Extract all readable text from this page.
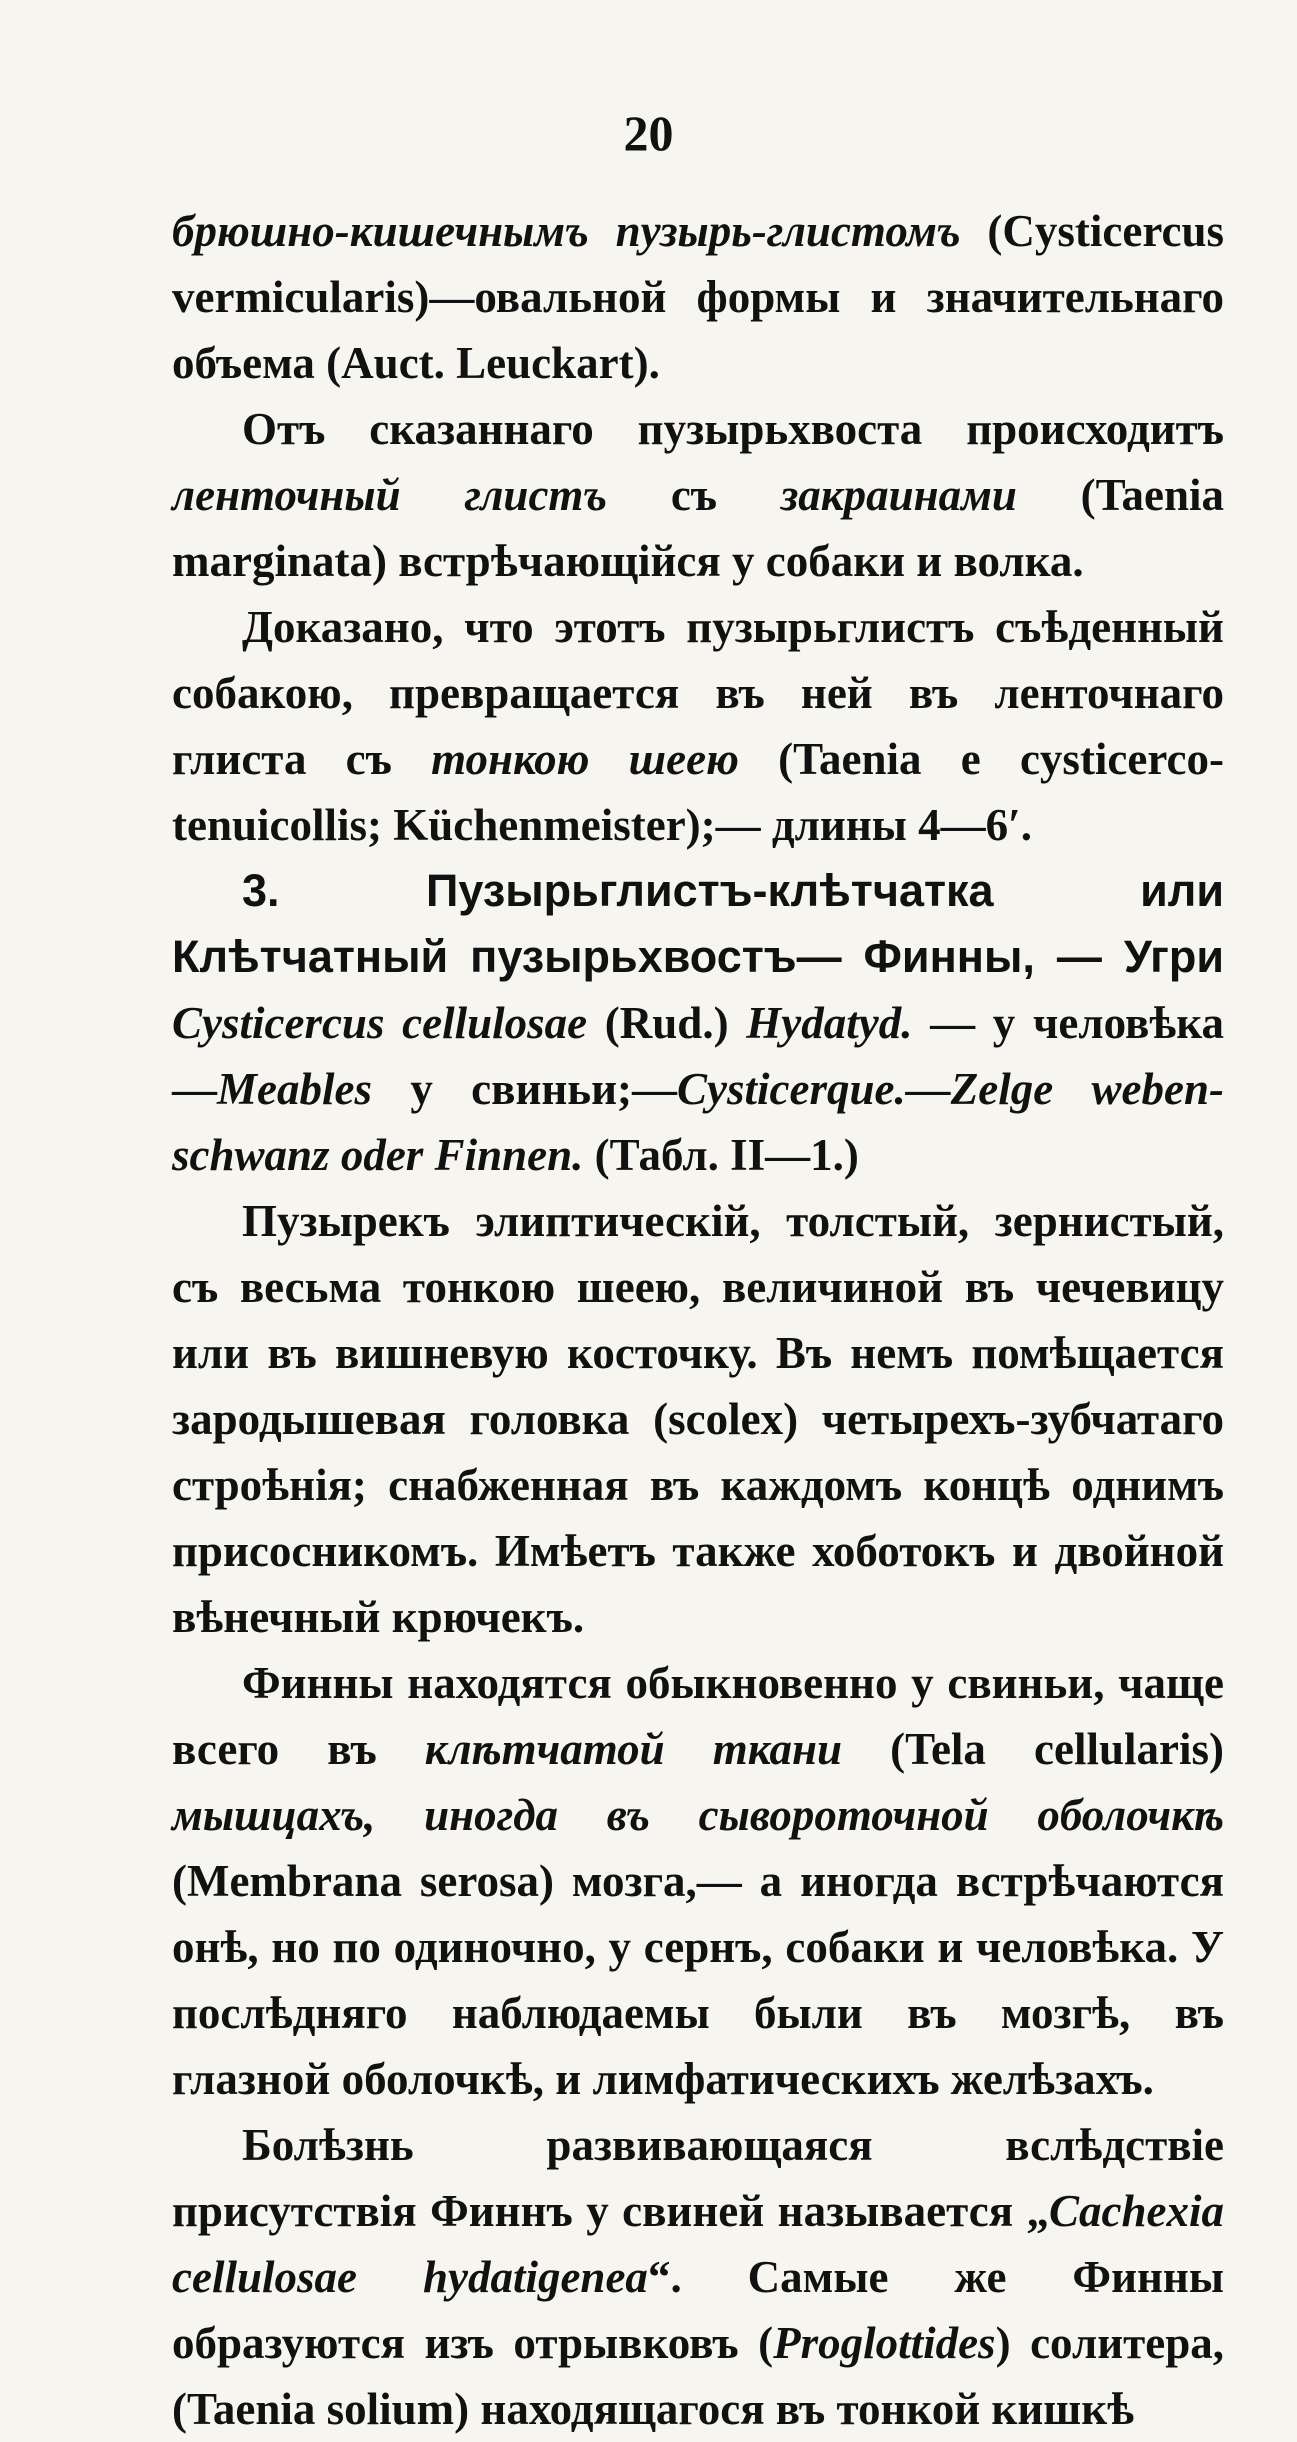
20

брюшно-кишечнымъ пузырь-глистомъ (Cysticercus vermicularis)—овальной формы и значительнаго объема (Auct. Leuckart).

Отъ сказаннаго пузырьхвоста происходитъ ленточный глистъ съ закраинами (Taenia marginata) встрѣчающійся у собаки и волка.

Доказано, что этотъ пузырьглистъ съѣденный собакою, превращается въ ней въ ленточнаго глиста съ тонкою шеею (Taenia e cysticerco-tenuicollis; Küchenmeister);— длины 4—6′.

3. Пузырьглистъ-клѣтчатка или Клѣтчатный пузырьхвостъ— Финны, — Угри Cysticercus cellulosae (Rud.) Hydatyd. — у человѣка—Meables у свиньи;—Cysticerque.—Zelge webenschwanz oder Finnen. (Табл. II—1.)

Пузырекъ элиптическій, толстый, зернистый, съ весьма тонкою шеею, величиной въ чечевицу или въ вишневую косточку. Въ немъ помѣщается зародышевая головка (scolex) четырехъ-зубчатаго строѣнія; снабженная въ каждомъ концѣ однимъ присосникомъ. Имѣетъ также хоботокъ и двойной вѣнечный крючекъ.

Финны находятся обыкновенно у свиньи, чаще всего въ клѣтчатой ткани (Tela cellularis) мышцахъ, иногда въ сывороточной оболочкѣ (Membrana serosa) мозга,— а иногда встрѣчаются онѣ, но по одиночно, у сернъ, собаки и человѣка. У послѣдняго наблюдаемы были въ мозгѣ, въ глазной оболочкѣ, и лимфатическихъ желѣзахъ.

Болѣзнь развивающаяся вслѣдствіе присутствія Финнъ у свиней называется „Cachexia cellulosae hydatigenea“. Самые же Финны образуются изъ отрывковъ (Proglottides) солитера, (Taenia solium) находящагося въ тонкой кишкѣ
